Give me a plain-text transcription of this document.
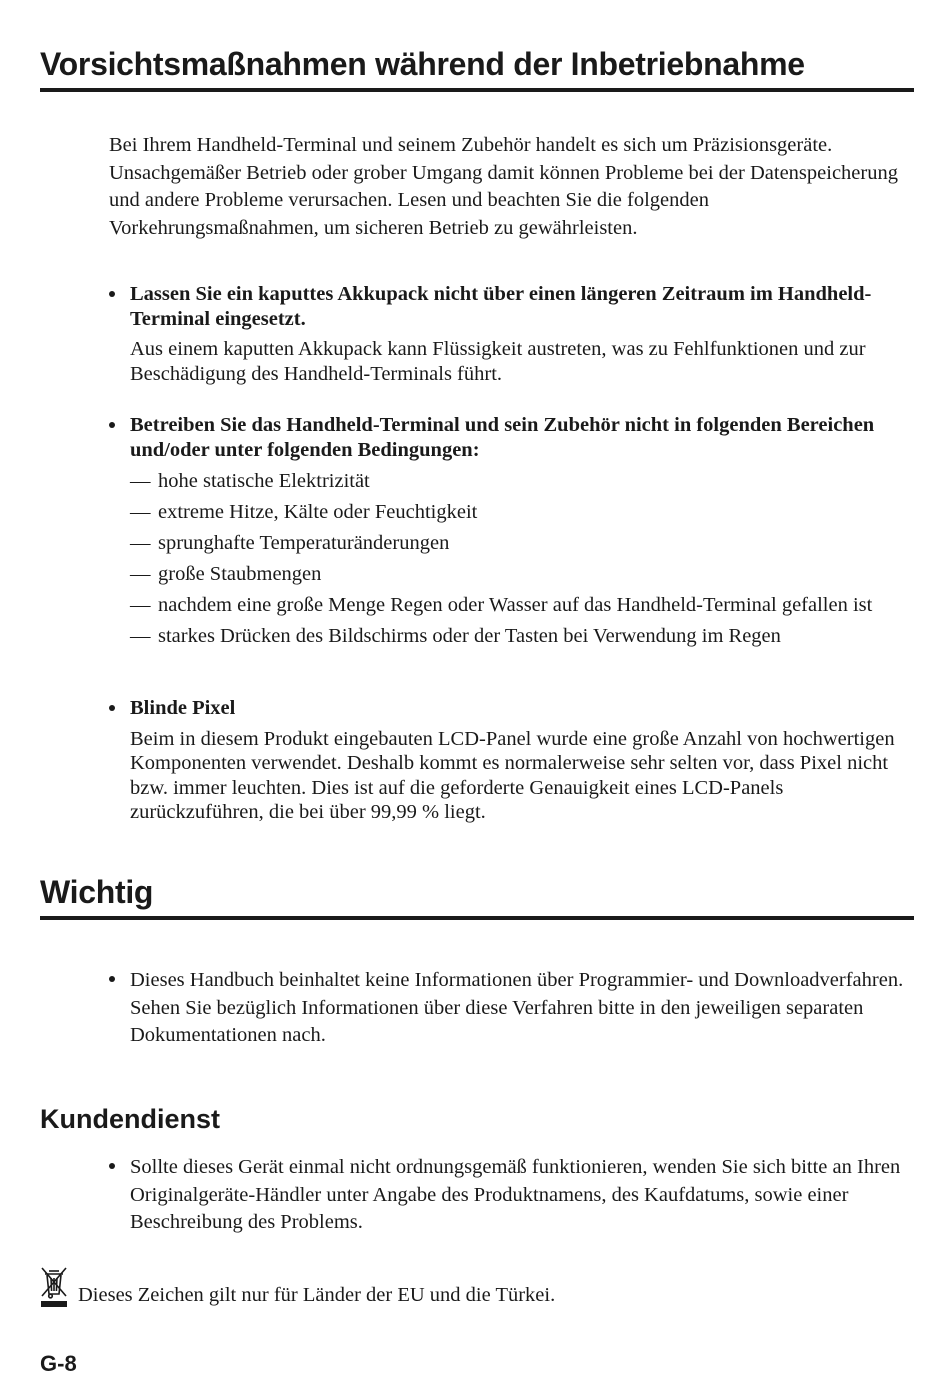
Vorsichtsmaßnahmen während der Inbetriebnahme
Bei Ihrem Handheld-Terminal und seinem Zubehör handelt es sich um Präzisionsgeräte. Unsachgemäßer Betrieb oder grober Umgang damit können Probleme bei der Datenspeicherung und andere Probleme verursachen. Lesen und beachten Sie die folgenden Vorkehrungsmaßnahmen, um sicheren Betrieb zu gewährleisten.
Lassen Sie ein kaputtes Akkupack nicht über einen längeren Zeitraum im Handheld-Terminal eingesetzt.
Aus einem kaputten Akkupack kann Flüssigkeit austreten, was zu Fehlfunktionen und zur Beschädigung des Handheld-Terminals führt.
Betreiben Sie das Handheld-Terminal und sein Zubehör nicht in folgenden Bereichen und/oder unter folgenden Bedingungen:
— hohe statische Elektrizität
— extreme Hitze, Kälte oder Feuchtigkeit
— sprunghafte Temperaturänderungen
— große Staubmengen
— nachdem eine große Menge Regen oder Wasser auf das Handheld-Terminal gefallen ist
— starkes Drücken des Bildschirms oder der Tasten bei Verwendung im Regen
Blinde Pixel
Beim in diesem Produkt eingebauten LCD-Panel wurde eine große Anzahl von hochwertigen Komponenten verwendet. Deshalb kommt es normalerweise sehr selten vor, dass Pixel nicht bzw. immer leuchten. Dies ist auf die geforderte Genauigkeit eines LCD-Panels zurückzuführen, die bei über 99,99 % liegt.
Wichtig
Dieses Handbuch beinhaltet keine Informationen über Programmier- und Downloadverfahren. Sehen Sie bezüglich Informationen über diese Verfahren bitte in den jeweiligen separaten Dokumentationen nach.
Kundendienst
Sollte dieses Gerät einmal nicht ordnungsgemäß funktionieren, wenden Sie sich bitte an Ihren Originalgeräte-Händler unter Angabe des Produktnamens, des Kaufdatums, sowie einer Beschreibung des Problems.
Dieses Zeichen gilt nur für Länder der EU und die Türkei.
G-8
